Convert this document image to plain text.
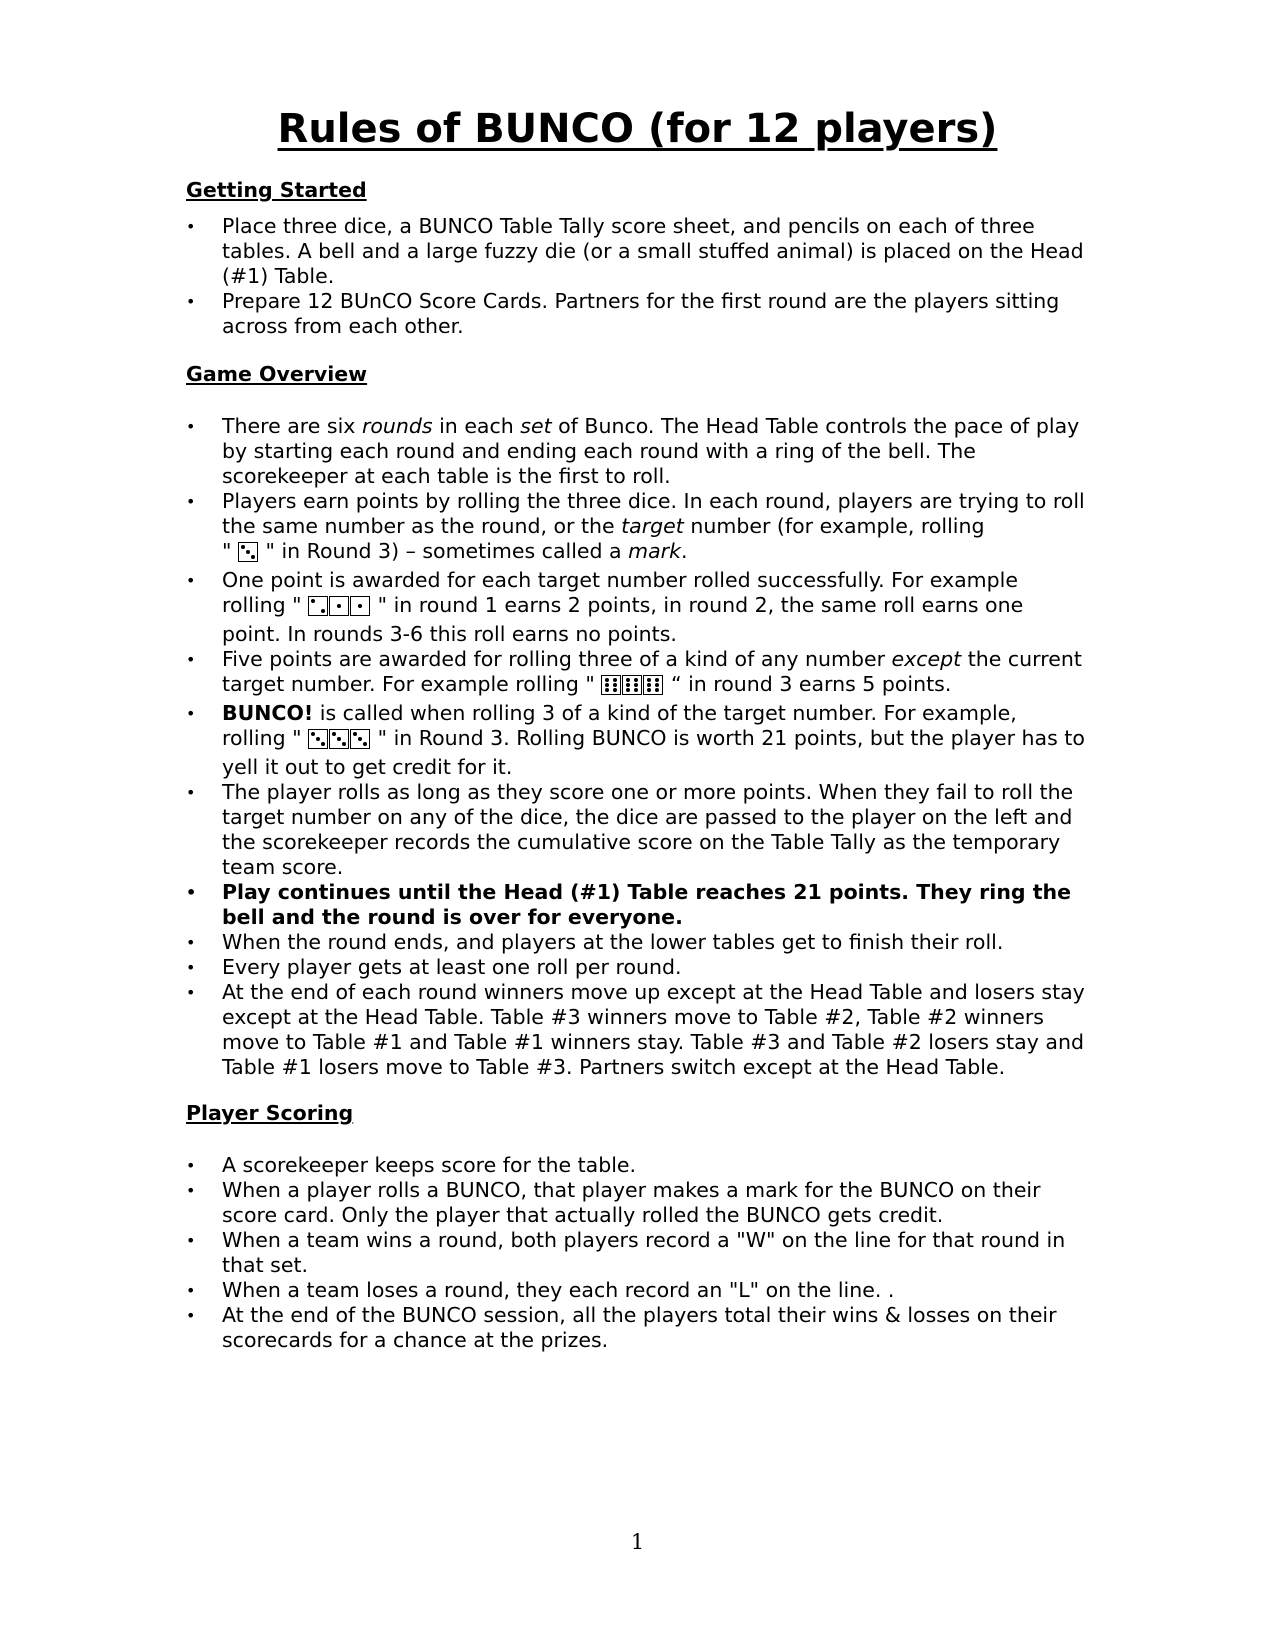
Rules of BUNCO (for 12 players)

Getting Started

• Place three dice, a BUNCO Table Tally score sheet, and pencils on each of three tables. A bell and a large fuzzy die (or a small stuffed animal) is placed on the Head (#1) Table.
• Prepare 12 BUnCO Score Cards. Partners for the first round are the players sitting across from each other.

Game Overview

• There are six rounds in each set of Bunco. The Head Table controls the pace of play by starting each round and ending each round with a ring of the bell. The scorekeeper at each table is the first to roll.
• Players earn points by rolling the three dice. In each round, players are trying to roll the same number as the round, or the target number (for example, rolling
" " in Round 3) – sometimes called a mark.
• One point is awarded for each target number rolled successfully. For example rolling "	" in round 1 earns 2 points, in round 2, the same roll earns one point. In rounds 3-6 this roll earns no points.
• Five points are awarded for rolling three of a kind of any number except the current target number. For example rolling "	“ in round 3 earns 5 points.
• BUNCO! is called when rolling 3 of a kind of the target number. For example, rolling "	" in Round 3. Rolling BUNCO is worth 21 points, but the player has to yell it out to get credit for it.
• The player rolls as long as they score one or more points. When they fail to roll the target number on any of the dice, the dice are passed to the player on the left and the scorekeeper records the cumulative score on the Table Tally as the temporary team score.
• Play continues until the Head (#1) Table reaches 21 points. They ring the bell and the round is over for everyone.
• When the round ends, and players at the lower tables get to finish their roll.
• Every player gets at least one roll per round.
• At the end of each round winners move up except at the Head Table and losers stay except at the Head Table. Table #3 winners move to Table #2, Table #2 winners move to Table #1 and Table #1 winners stay. Table #3 and Table #2 losers stay and Table #1 losers move to Table #3. Partners switch except at the Head Table.

Player Scoring

• A scorekeeper keeps score for the table.
• When a player rolls a BUNCO, that player makes a mark for the BUNCO on their score card. Only the player that actually rolled the BUNCO gets credit.
• When a team wins a round, both players record a "W" on the line for that round in that set.
• When a team loses a round, they each record an "L" on the line. .
• At the end of the BUNCO session, all the players total their wins & losses on their scorecards for a chance at the prizes.
1
